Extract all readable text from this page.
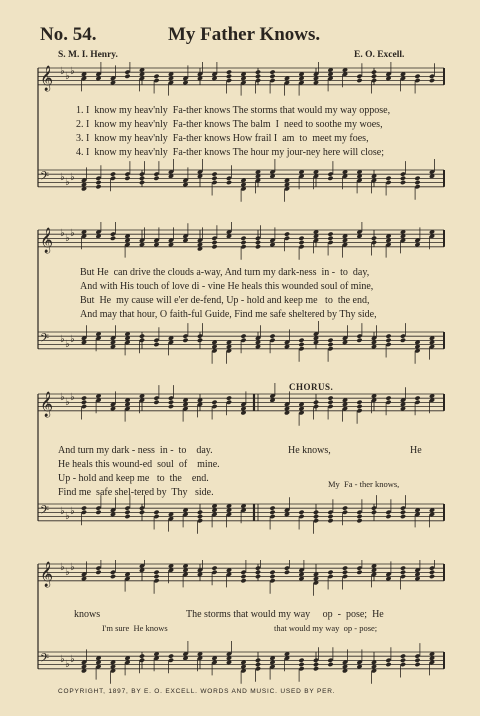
No. 54.	My Father Knows.
S. M. I. Henry.	E. O. Excell.
𝄞 ♭ ♭ ♭
𝄢 ♭ ♭ ♭
1. I  know my heav'nly  Fa-ther knows The storms that would my way oppose,
2. I  know my heav'nly  Fa-ther knows The balm  I  need to soothe my woes,
3. I  know my heav'nly  Fa-ther knows How frail I  am  to  meet my foes,
4. I  know my heav'nly  Fa-ther knows The hour my jour-ney here will close;
𝄞 ♭ ♭ ♭
𝄢 ♭ ♭ ♭
But He  can drive the clouds a-way, And turn my dark-ness  in -  to  day,
And with His touch of love di - vine He heals this wounded soul of mine,
But  He  my cause will e'er de-fend, Up - hold and keep me   to  the end,
And may that hour, O faith-ful Guide, Find me safe sheltered by Thy side,
CHORUS.
𝄞 ♭ ♭ ♭
𝄢 ♭ ♭ ♭
And turn my dark - ness  in -  to    day.
He heals this wound-ed  soul  of    mine.
Up - hold and keep me   to  the    end.
Find me  safe shel-tered by  Thy   side.
He knows,	He
My  Fa - ther knows,
𝄞 ♭ ♭ ♭
𝄢 ♭ ♭ ♭
knows	The storms that would my way     op  -  pose;  He
I'm sure  He knows	that would my way  op - pose;
COPYRIGHT, 1897, BY E. O. EXCELL. WORDS AND MUSIC. USED BY PER.
